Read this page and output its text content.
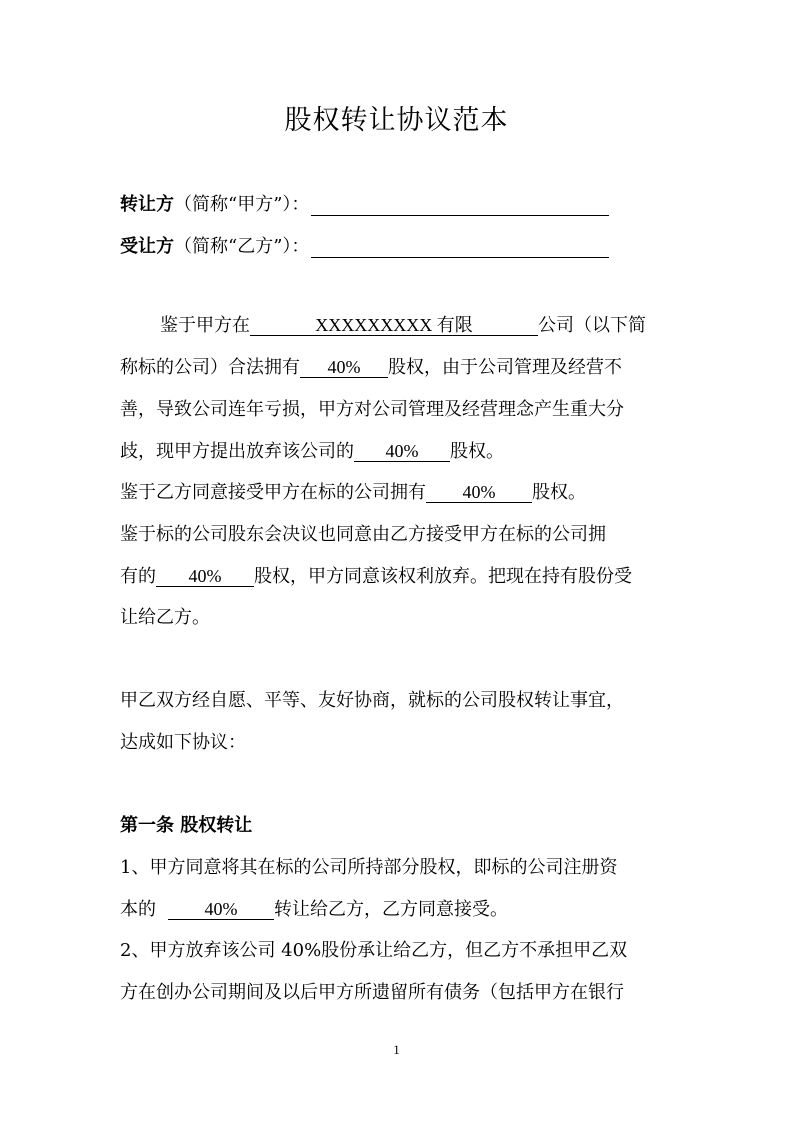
股权转让协议范本
转让方（简称“甲方”）：
受让方（简称“乙方”）：
鉴于甲方在	XXXXXXXXX 有限	公司（以下简
称标的公司）合法拥有 40% 股权，由于公司管理及经营不
善，导致公司连年亏损，甲方对公司管理及经营理念产生重大分
歧，现甲方提出放弃该公司的 40% 股权。
鉴于乙方同意接受甲方在标的公司拥有 40% 股权。
鉴于标的公司股东会决议也同意由乙方接受甲方在标的公司拥
有的 40% 股权，甲方同意该权利放弃。把现在持有股份受
让给乙方。
甲乙双方经自愿、平等、友好协商，就标的公司股权转让事宜，
达成如下协议：
第一条 股权转让
1、甲方同意将其在标的公司所持部分股权，即标的公司注册资
本的	40% 转让给乙方，乙方同意接受。
2、甲方放弃该公司 40%股份承让给乙方，但乙方不承担甲乙双
方在创办公司期间及以后甲方所遗留所有债务（包括甲方在银行
1
